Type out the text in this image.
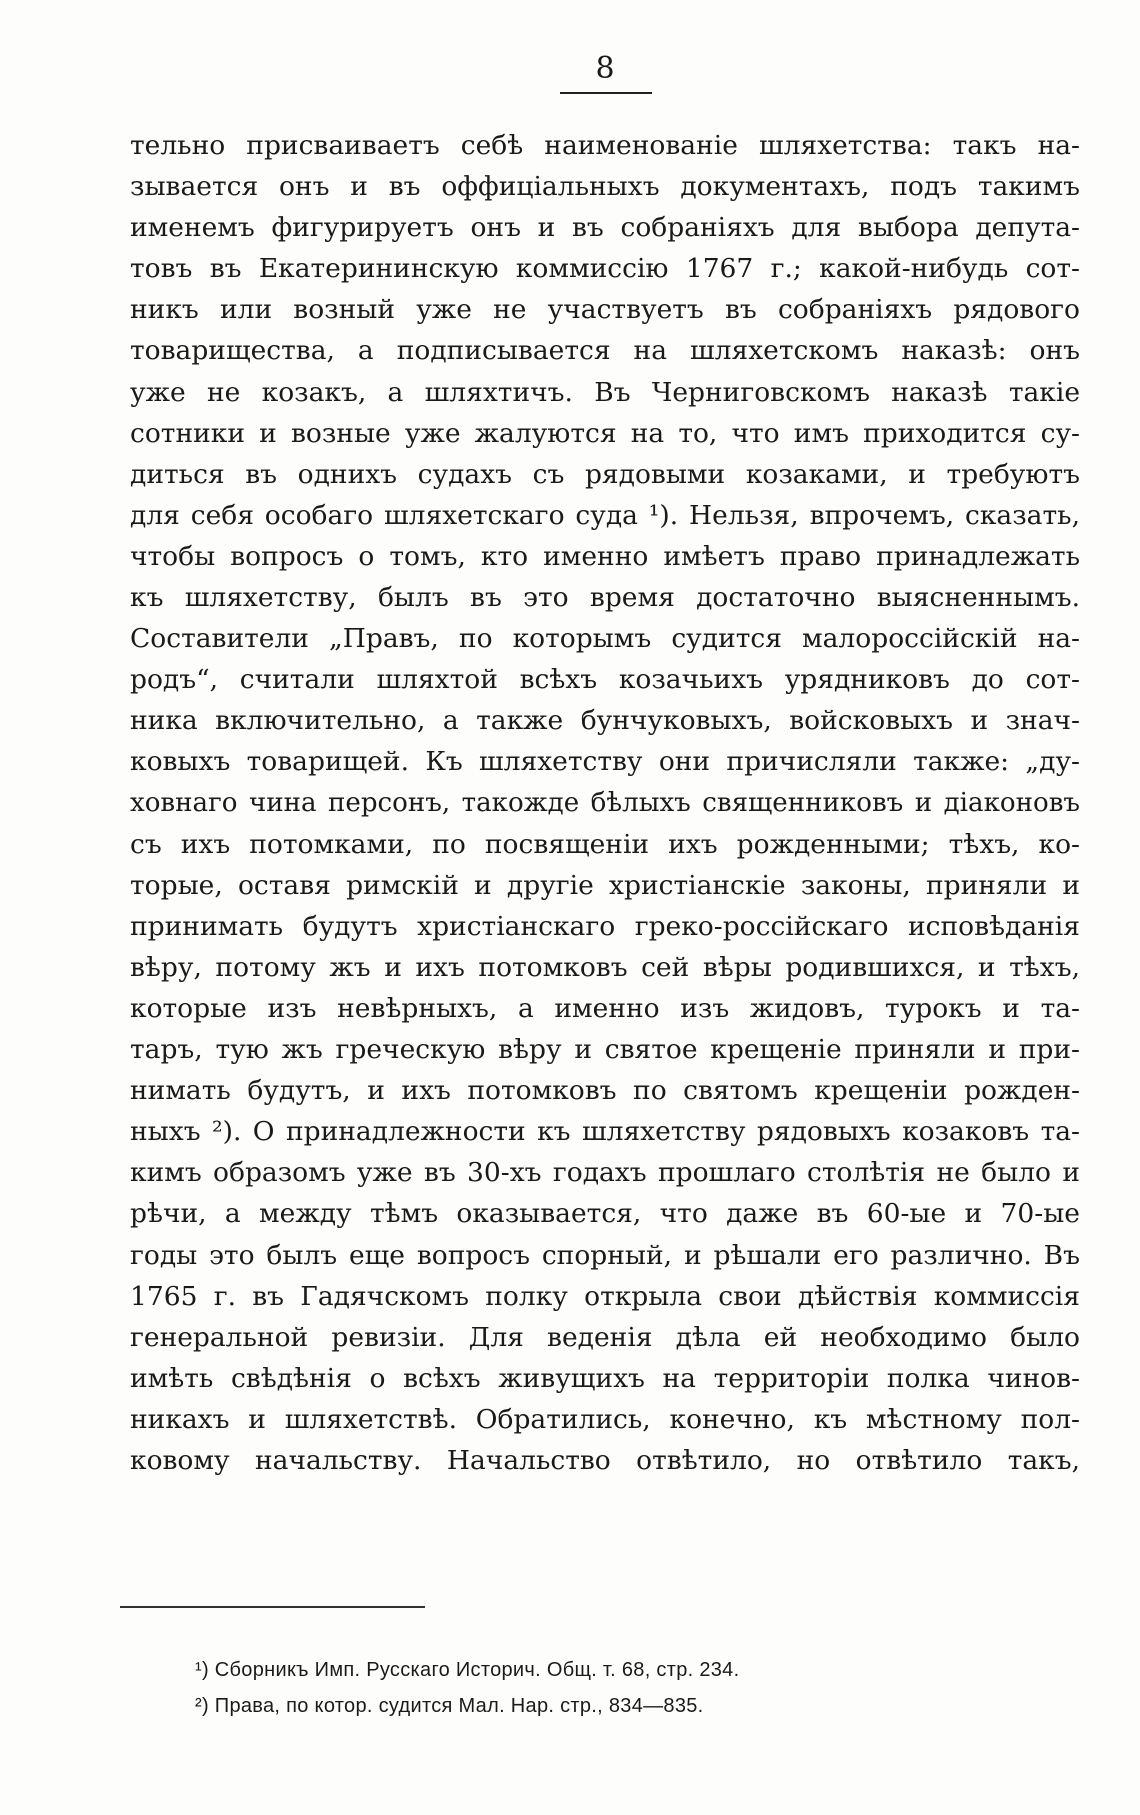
8
тельно присваиваетъ себѣ наименованіе шляхетства: такъ на-
зывается онъ и въ оффиціальныхъ документахъ, подъ такимъ
именемъ фигурируетъ онъ и въ собраніяхъ для выбора депута-
товъ въ Екатерининскую коммиссію 1767 г.; какой-нибудь сот-
никъ или возный уже не участвуетъ въ собраніяхъ рядового
товарищества, а подписывается на шляхетскомъ наказѣ: онъ
уже не козакъ, а шляхтичъ. Въ Черниговскомъ наказѣ такіе
сотники и возные уже жалуются на то, что имъ приходится су-
диться въ однихъ судахъ съ рядовыми козаками, и требуютъ
для себя особаго шляхетскаго суда ¹). Нельзя, впрочемъ, сказать,
чтобы вопросъ о томъ, кто именно имѣетъ право принадлежать
къ шляхетству, былъ въ это время достаточно выясненнымъ.
Составители „Правъ, по которымъ судится малороссійскій на-
родъ“, считали шляхтой всѣхъ козачьихъ урядниковъ до сот-
ника включительно, а также бунчуковыхъ, войсковыхъ и знач-
ковыхъ товарищей. Къ шляхетству они причисляли также: „ду-
ховнаго чина персонъ, такожде бѣлыхъ священниковъ и діаконовъ
съ ихъ потомками, по посвященіи ихъ рожденными; тѣхъ, ко-
торые, оставя римскій и другіе христіанскіе законы, приняли и
принимать будутъ христіанскаго греко-россійскаго исповѣданія
вѣру, потому жъ и ихъ потомковъ сей вѣры родившихся, и тѣхъ,
которые изъ невѣрныхъ, а именно изъ жидовъ, турокъ и та-
таръ, тую жъ греческую вѣру и святое крещеніе приняли и при-
нимать будутъ, и ихъ потомковъ по святомъ крещеніи рожден-
ныхъ ²). О принадлежности къ шляхетству рядовыхъ козаковъ та-
кимъ образомъ уже въ 30-хъ годахъ прошлаго столѣтія не было и
рѣчи, а между тѣмъ оказывается, что даже въ 60-ые и 70-ые
годы это былъ еще вопросъ спорный, и рѣшали его различно. Въ
1765 г. въ Гадячскомъ полку открыла свои дѣйствія коммиссія
генеральной ревизіи. Для веденія дѣла ей необходимо было
имѣть свѣдѣнія о всѣхъ живущихъ на территоріи полка чинов-
никахъ и шляхетствѣ. Обратились, конечно, къ мѣстному пол-
ковому начальству. Начальство отвѣтило, но отвѣтило такъ,
¹) Сборникъ Имп. Русскаго Историч. Общ. т. 68, стр. 234.
²) Права, по котор. судится Мал. Нар. стр., 834—835.
